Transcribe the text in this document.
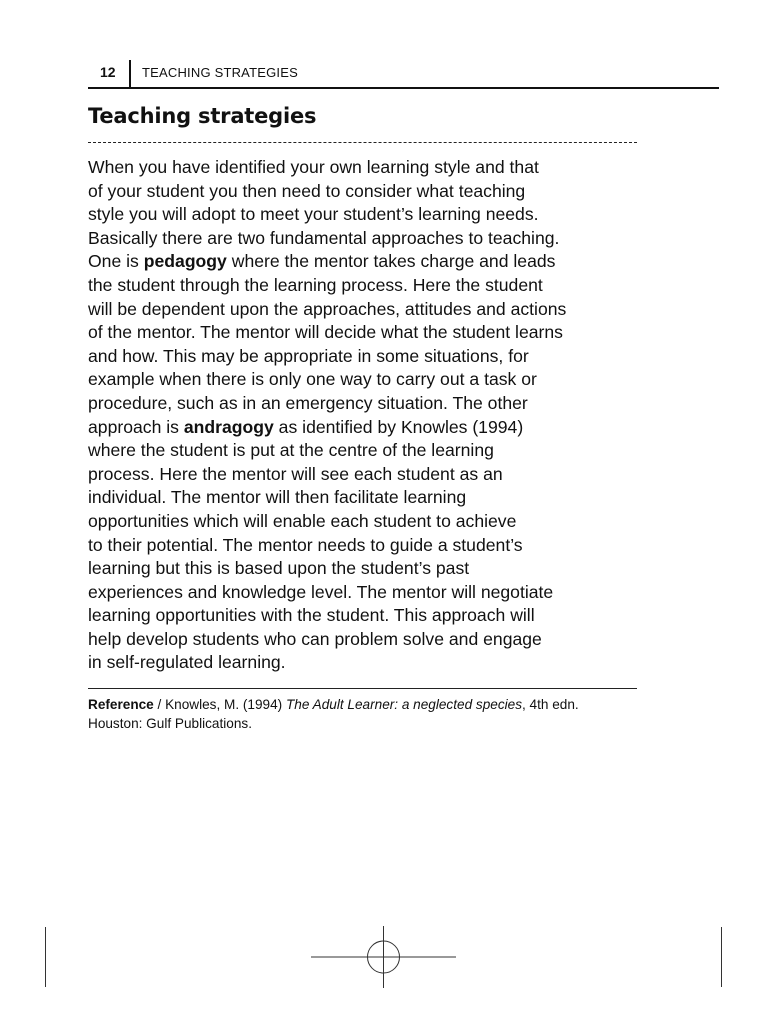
12 TEACHING STRATEGIES
Teaching strategies
When you have identified your own learning style and that
of your student you then need to consider what teaching
style you will adopt to meet your student’s learning needs.
Basically there are two fundamental approaches to teaching.
One is pedagogy where the mentor takes charge and leads
the student through the learning process. Here the student
will be dependent upon the approaches, attitudes and actions
of the mentor. The mentor will decide what the student learns
and how. This may be appropriate in some situations, for
example when there is only one way to carry out a task or
procedure, such as in an emergency situation. The other
approach is andragogy as identified by Knowles (1994)
where the student is put at the centre of the learning
process. Here the mentor will see each student as an
individual. The mentor will then facilitate learning
opportunities which will enable each student to achieve
to their potential. The mentor needs to guide a student’s
learning but this is based upon the student’s past
experiences and knowledge level. The mentor will negotiate
learning opportunities with the student. This approach will
help develop students who can problem solve and engage
in self-regulated learning.
Reference / Knowles, M. (1994) The Adult Learner: a neglected species, 4th edn.
Houston: Gulf Publications.
